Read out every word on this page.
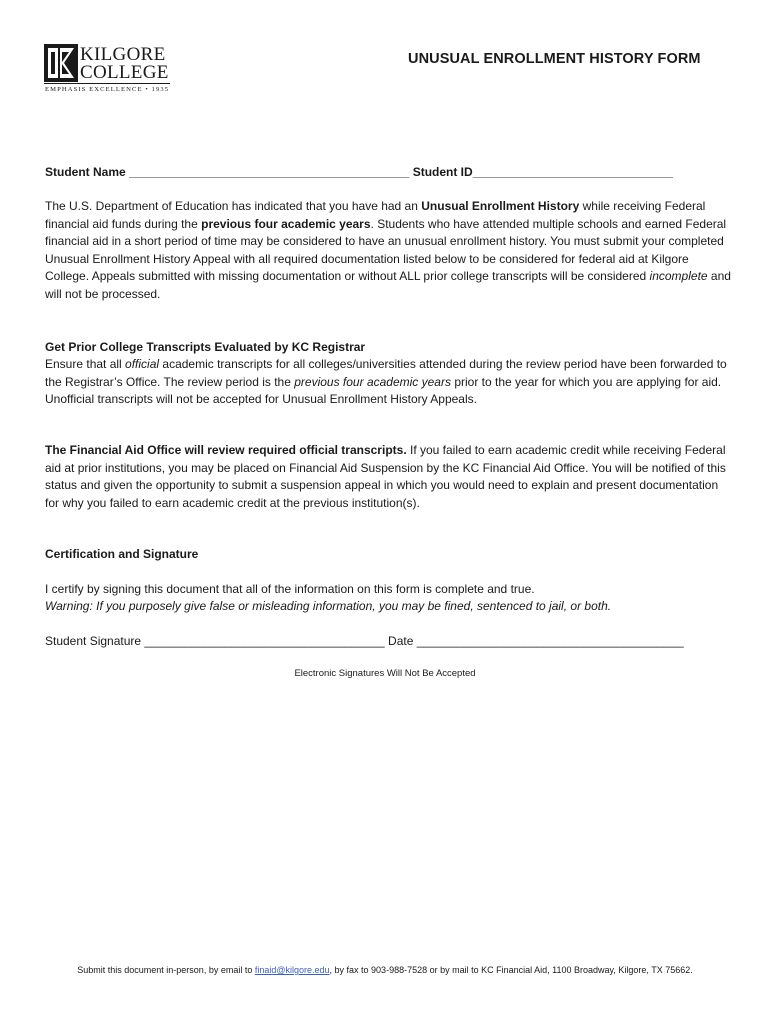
KILGORE
COLLEGE
EMPHASIS EXCELLENCE • 1935
UNUSUAL ENROLLMENT HISTORY FORM
Student Name __________________________________________ Student ID______________________________
The U.S. Department of Education has indicated that you have had an Unusual Enrollment History while receiving Federal financial aid funds during the previous four academic years. Students who have attended multiple schools and earned Federal financial aid in a short period of time may be considered to have an unusual enrollment history. You must submit your completed Unusual Enrollment History Appeal with all required documentation listed below to be considered for federal aid at Kilgore College. Appeals submitted with missing documentation or without ALL prior college transcripts will be considered incomplete and will not be processed.
Get Prior College Transcripts Evaluated by KC Registrar
Ensure that all official academic transcripts for all colleges/universities attended during the review period have been forwarded to the Registrar’s Office. The review period is the previous four academic years prior to the year for which you are applying for aid. Unofficial transcripts will not be accepted for Unusual Enrollment History Appeals.
The Financial Aid Office will review required official transcripts. If you failed to earn academic credit while receiving Federal aid at prior institutions, you may be placed on Financial Aid Suspension by the KC Financial Aid Office. You will be notified of this status and given the opportunity to submit a suspension appeal in which you would need to explain and present documentation for why you failed to earn academic credit at the previous institution(s).
Certification and Signature
I certify by signing this document that all of the information on this form is complete and true.
Warning: If you purposely give false or misleading information, you may be fined, sentenced to jail, or both.
Student Signature ____________________________________ Date ________________________________________
Electronic Signatures Will Not Be Accepted
Submit this document in-person, by email to finaid@kilgore.edu, by fax to 903-988-7528 or by mail to KC Financial Aid, 1100 Broadway, Kilgore, TX 75662.
